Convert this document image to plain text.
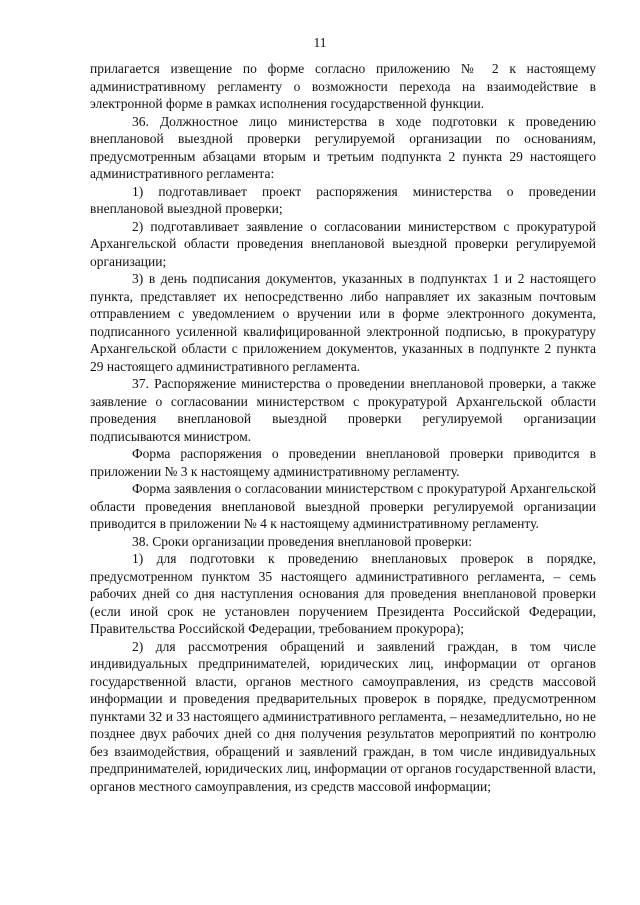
11

прилагается извещение по форме согласно приложению № 2 к настоящему административному регламенту о возможности перехода на взаимодействие в электронной форме в рамках исполнения государственной функции.

36. Должностное лицо министерства в ходе подготовки к проведению внеплановой выездной проверки регулируемой организации по основаниям, предусмотренным абзацами вторым и третьим подпункта 2 пункта 29 настоящего административного регламента:

1) подготавливает проект распоряжения министерства о проведении внеплановой выездной проверки;

2) подготавливает заявление о согласовании министерством с прокуратурой Архангельской области проведения внеплановой выездной проверки регулируемой организации;

3) в день подписания документов, указанных в подпунктах 1 и 2 настоящего пункта, представляет их непосредственно либо направляет их заказным почтовым отправлением с уведомлением о вручении или в форме электронного документа, подписанного усиленной квалифицированной электронной подписью, в прокуратуру Архангельской области с приложением документов, указанных в подпункте 2 пункта 29 настоящего административного регламента.

37. Распоряжение министерства о проведении внеплановой проверки, а также заявление о согласовании министерством с прокуратурой Архангельской области проведения внеплановой выездной проверки регулируемой организации подписываются министром.

Форма распоряжения о проведении внеплановой проверки приводится в приложении № 3 к настоящему административному регламенту.

Форма заявления о согласовании министерством с прокуратурой Архангельской области проведения внеплановой выездной проверки регулируемой организации приводится в приложении № 4 к настоящему административному регламенту.

38. Сроки организации проведения внеплановой проверки:

1) для подготовки к проведению внеплановых проверок в порядке, предусмотренном пунктом 35 настоящего административного регламента, – семь рабочих дней со дня наступления основания для проведения внеплановой проверки (если иной срок не установлен поручением Президента Российской Федерации, Правительства Российской Федерации, требованием прокурора);

2) для рассмотрения обращений и заявлений граждан, в том числе индивидуальных предпринимателей, юридических лиц, информации от органов государственной власти, органов местного самоуправления, из средств массовой информации и проведения предварительных проверок в порядке, предусмотренном пунктами 32 и 33 настоящего административного регламента, – незамедлительно, но не позднее двух рабочих дней со дня получения результатов мероприятий по контролю без взаимодействия, обращений и заявлений граждан, в том числе индивидуальных предпринимателей, юридических лиц, информации от органов государственной власти, органов местного самоуправления, из средств массовой информации;
